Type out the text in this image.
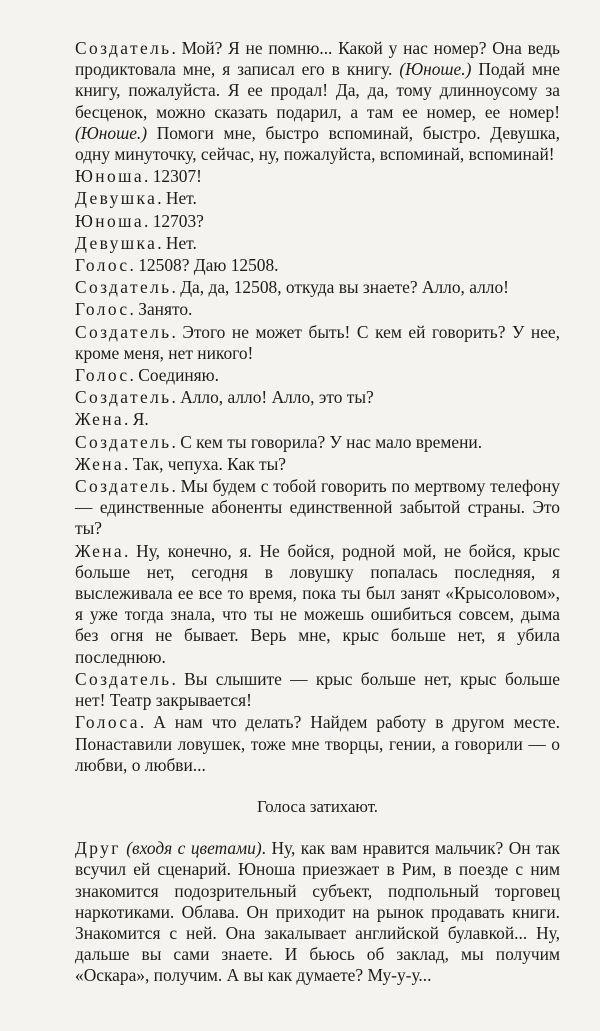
Создатель. Мой? Я не помню... Какой у нас номер? Она ведь продиктовала мне, я записал его в книгу. (Юноше.) Подай мне книгу, пожалуйста. Я ее продал! Да, да, тому длинноусому за бесценок, можно сказать подарил, а там ее номер, ее номер! (Юноше.) Помоги мне, быстро вспоминай, быстро. Девушка, одну минуточку, сейчас, ну, пожалуйста, вспоминай, вспоминай!

Юноша. 12307!

Девушка. Нет.

Юноша. 12703?

Девушка. Нет.

Голос. 12508? Даю 12508.

Создатель. Да, да, 12508, откуда вы знаете? Алло, алло!

Голос. Занято.

Создатель. Этого не может быть! С кем ей говорить? У нее, кроме меня, нет никого!

Голос. Соединяю.

Создатель. Алло, алло! Алло, это ты?

Жена. Я.

Создатель. С кем ты говорила? У нас мало времени.

Жена. Так, чепуха. Как ты?

Создатель. Мы будем с тобой говорить по мертвому телефону — единственные абоненты единственной забытой страны. Это ты?

Жена. Ну, конечно, я. Не бойся, родной мой, не бойся, крыс больше нет, сегодня в ловушку попалась последняя, я выслеживала ее все то время, пока ты был занят «Крысоловом», я уже тогда знала, что ты не можешь ошибиться совсем, дыма без огня не бывает. Верь мне, крыс больше нет, я убила последнюю.

Создатель. Вы слышите — крыс больше нет, крыс больше нет! Театр закрывается!

Голоса. А нам что делать? Найдем работу в другом месте. Понаставили ловушек, тоже мне творцы, гении, а говорили — о любви, о любви...

Голоса затихают.

Друг (входя с цветами). Ну, как вам нравится мальчик? Он так всучил ей сценарий. Юноша приезжает в Рим, в поезде с ним знакомится подозрительный субъект, подпольный торговец наркотиками. Облава. Он приходит на рынок продавать книги. Знакомится с ней. Она закалывает английской булавкой... Ну, дальше вы сами знаете. И бьюсь об заклад, мы получим «Оскара», получим. А вы как думаете? Му-у-у...
